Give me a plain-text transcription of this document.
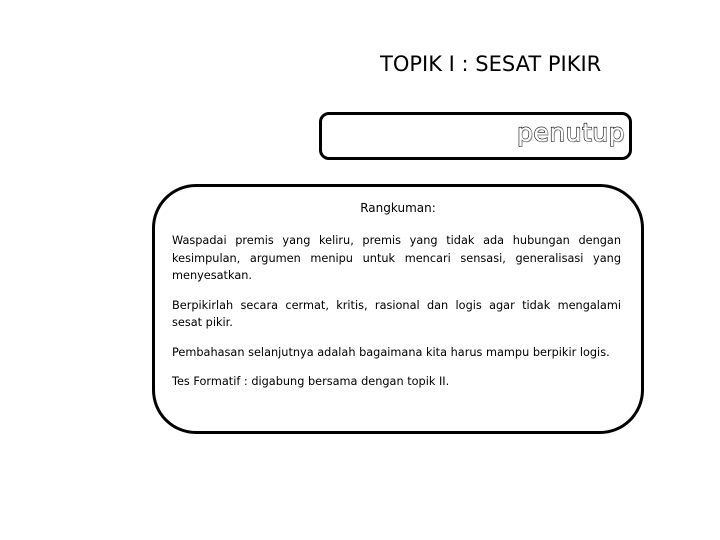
TOPIK I : SESAT PIKIR
penutup
Rangkuman:

Waspadai premis yang keliru, premis yang tidak ada hubungan dengan kesimpulan, argumen menipu untuk mencari sensasi, generalisasi yang menyesatkan.

Berpikirlah secara cermat, kritis, rasional dan logis agar tidak mengalami sesat pikir.

Pembahasan selanjutnya adalah bagaimana kita harus mampu berpikir logis.

Tes Formatif : digabung bersama dengan topik II.
